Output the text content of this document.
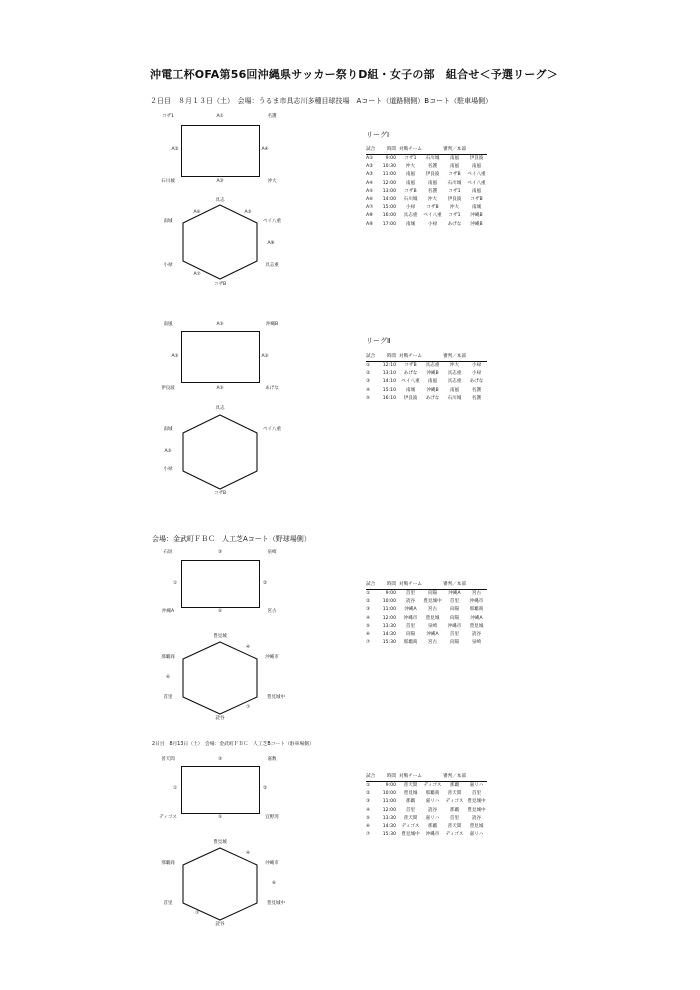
沖電工杯OFA第56回沖縄県サッカー祭りD組・女子の部　組合せ＜予選リーグ＞
２日目　８月１３日（土）　会場：うるま市具志川多種目球技場　Aコート（道路側側）Bコート（駐車場側）
コザ1	名護
石川城	沖大
A①
A③
A②	A④
具志
ベイ八重
A⑥	A⑤
南城
A⑧
小禄
A⑦
具志重
コザB
リーグⅠ
試合	時間	対戦チーム		審判／本部	
A①	9:00	コザ1	石川城	南風	伊良波
A②	10:30	沖大	名護	南風	南風
A③	11:00	南風	伊良波	コザB	ベイ八重
A④	12:00	南風	南風	石川城	ベイ八重
A⑤	13:00	コザB	名護	コザ1	南風
A⑥	14:00	石川城	沖大	伊良波	コザB
A⑦	15:00	小禄	コザB	沖大	南城
A⑧	16:00	具志重	ベイ八重	コザ1	沖縄B
A⑨	17:00	南城	小禄	あげな	沖縄B
南風	沖縄B
伊良波	あげな
A⑤
A⑤
A⑤	A⑤
具志
南城	ベイ八重
A⑤
小禄
コザB
リーグⅡ
試合	時間	対戦チーム		審判／本部	
①	12:10	コザB	具志重	沖大	小禄
②	13:10	あげな	沖縄B	具志重	小禄
③	14:10	ベイ八重	南風	具志重	あげな
④	15:10	南城	沖縄B	南風	名護
⑤	16:10	伊良波	あげな	石川城	名護
会場：金武町ＦＢＣ　人工芝Aコート（野球場側）
石垣	泉崎
沖縄A	宮古
①	②
③
⑤
豊見城
④
那覇商	沖縄市
⑥
⑦
首里	豊見城中
読谷
試合	時間	対戦チーム		審判／本部	
①	9:00	首里	向陽	沖縄A	宮古
②	10:00	読谷	豊見城中	首里	沖縄市
③	11:00	沖縄A	宮古	向陽	那覇商
④	12:00	沖縄市	豊見城	向陽	沖縄A
⑤	13:30	首里	泉崎	沖縄市	豊見城
⑥	14:30	向陽	沖縄A	首里	読谷
⑦	15:30	那覇商	宮古	向陽	泉崎
2日目　8月13日（土）　会場：金武町ＦＢＣ　人工芝Bコート（駐車場側）
普天間	嘉数
ディゴス	宜野湾
①	②
③
⑤
豊見城
④
那覇商	沖縄市
⑥
⑦
首里	豊見城中
読谷
試合	時間	対戦チーム		審判／本部	
①	9:00	普天間	ディゴス	那覇	嘉リハ
②	10:00	豊見城	那覇商	普天間	首里
③	11:00	那覇	嘉リハ	ディゴス	豊見城中
④	12:00	首里	読谷	那覇	豊見城中
⑤	13:30	普天間	嘉リハ	首里	読谷
⑥	14:30	ディゴス	那覇	普天間	豊見城
⑦	15:30	豊見城中	沖縄市	ディゴス	嘉リハ
